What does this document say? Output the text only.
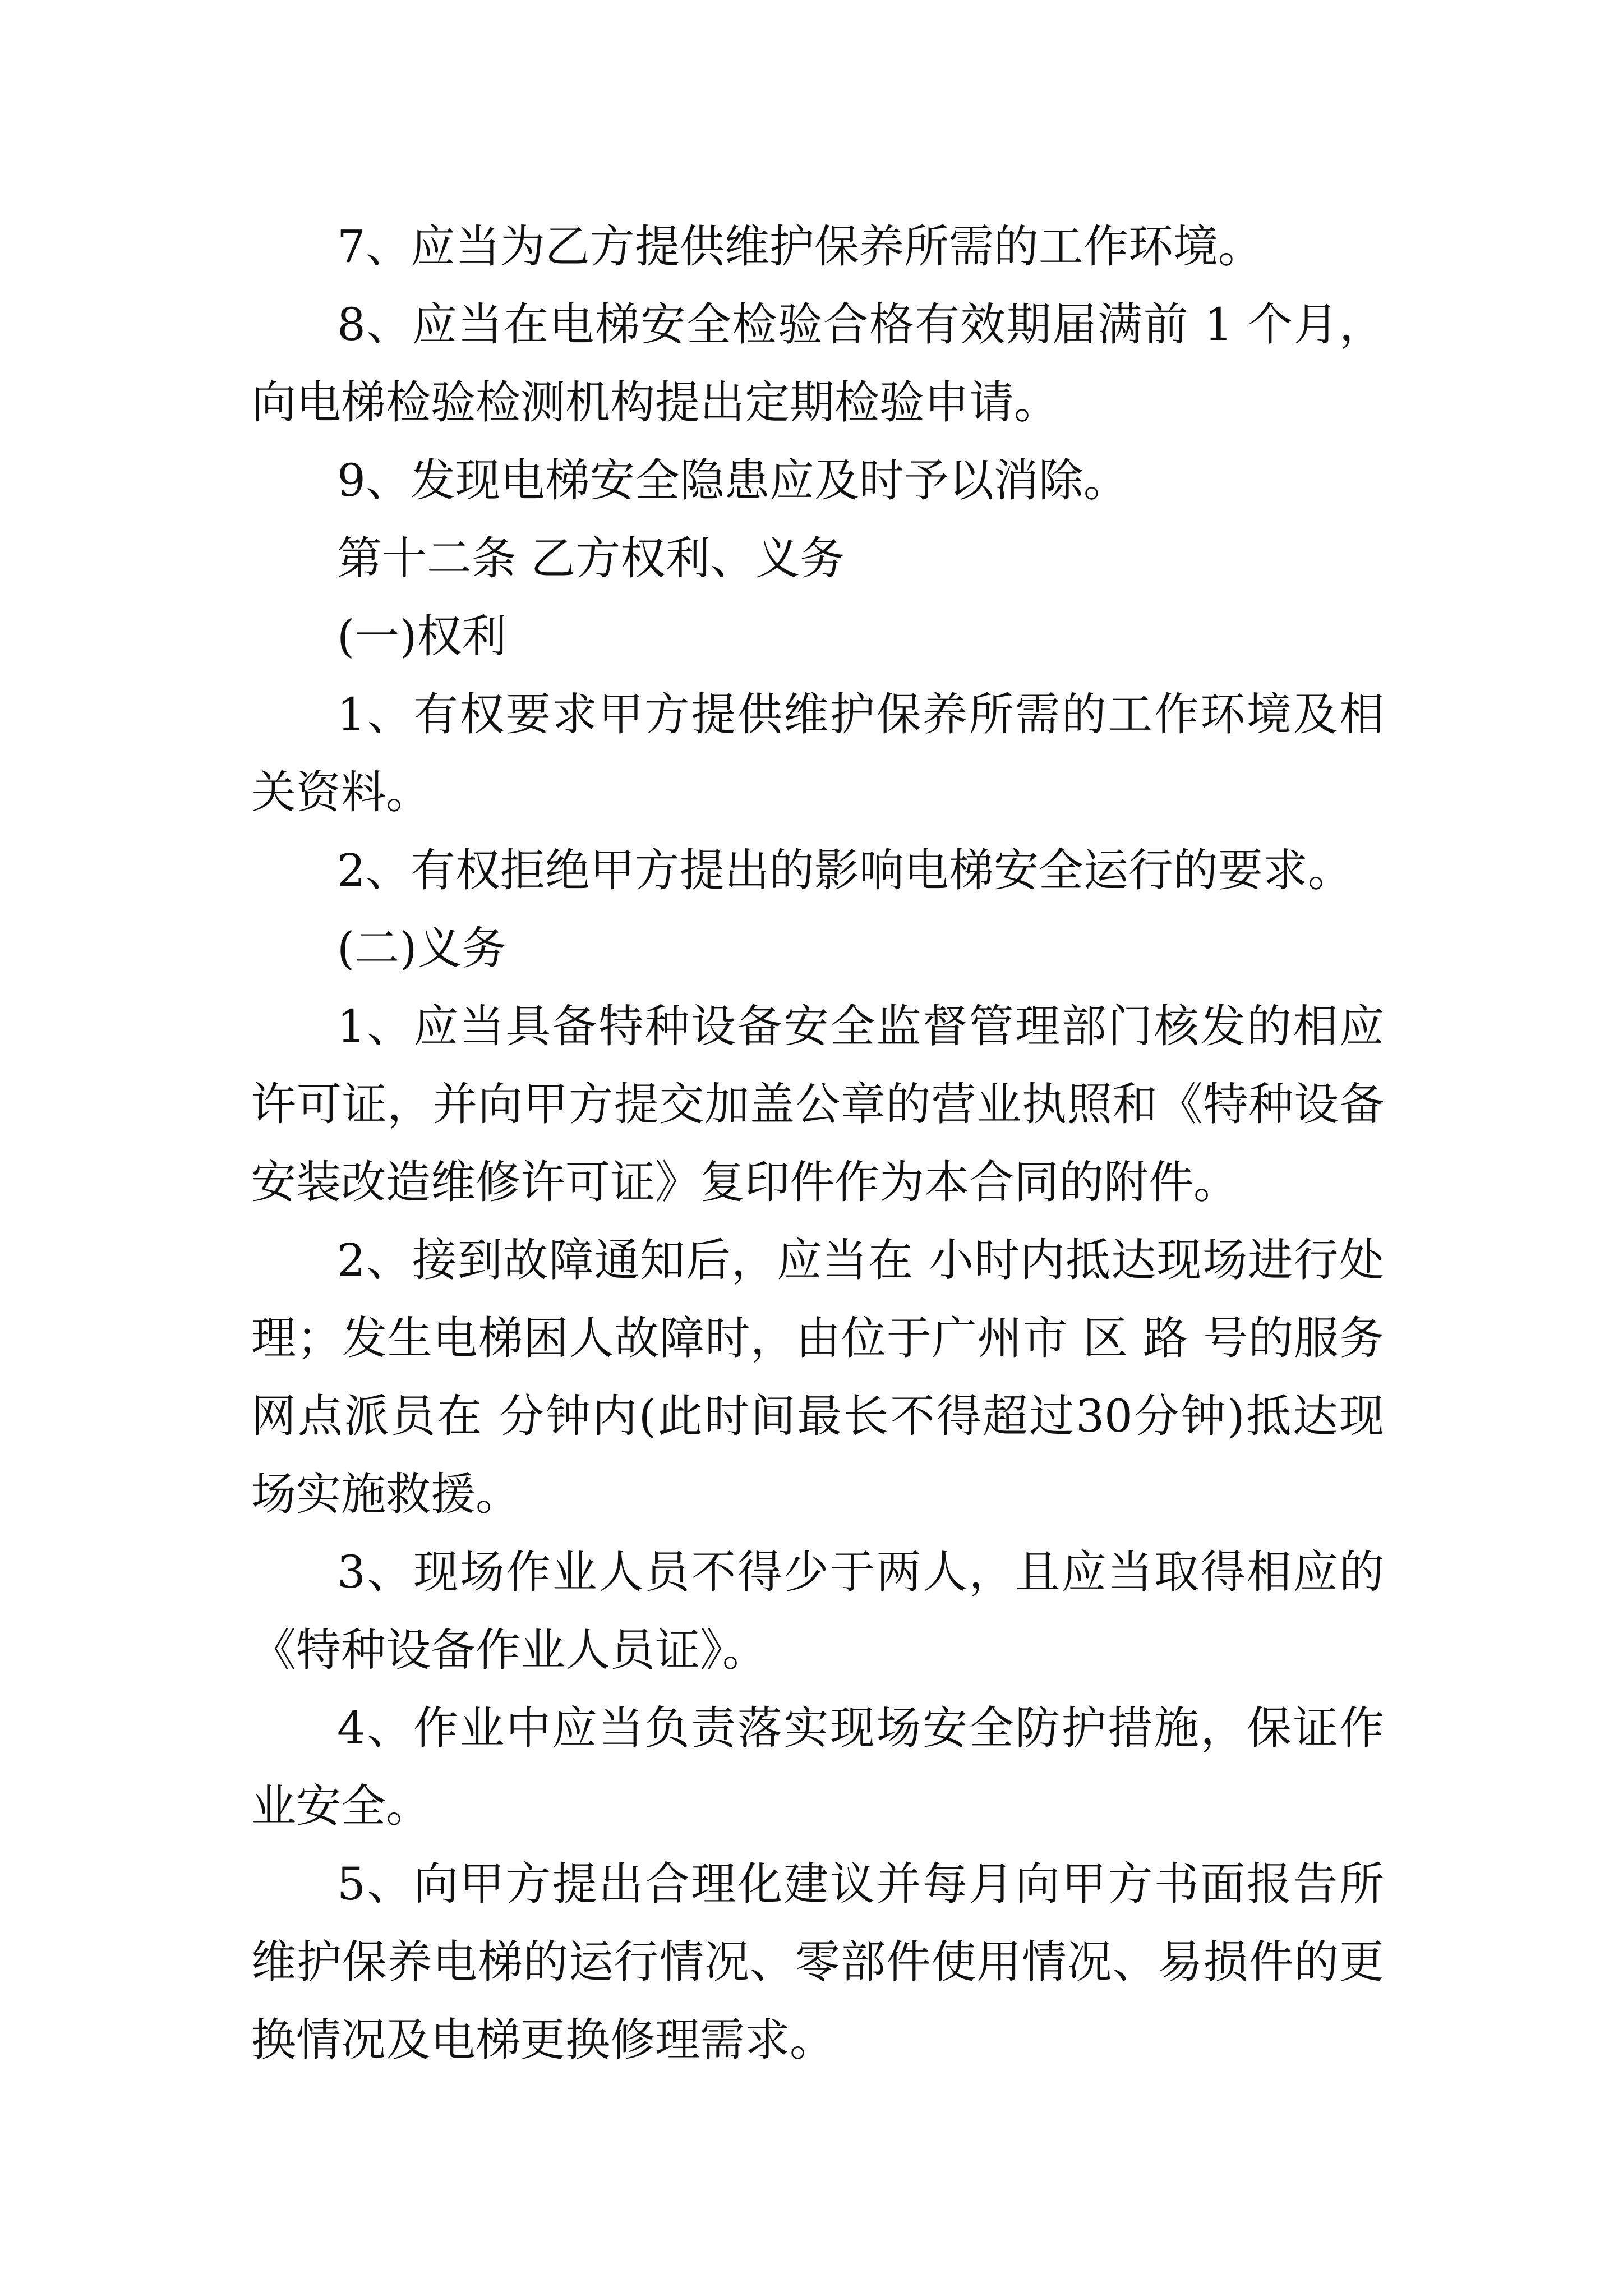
7、应当为乙方提供维护保养所需的工作环境。

8、应当在电梯安全检验合格有效期届满前 1 个月，向电梯检验检测机构提出定期检验申请。

9、发现电梯安全隐患应及时予以消除。

第十二条 乙方权利、义务

(一)权利

1、有权要求甲方提供维护保养所需的工作环境及相关资料。

2、有权拒绝甲方提出的影响电梯安全运行的要求。

(二)义务

1、应当具备特种设备安全监督管理部门核发的相应许可证，并向甲方提交加盖公章的营业执照和《特种设备安装改造维修许可证》复印件作为本合同的附件。

2、接到故障通知后，应当在 小时内抵达现场进行处理；发生电梯困人故障时，由位于广州市 区 路 号的服务网点派员在 分钟内(此时间最长不得超过30分钟)抵达现场实施救援。

3、现场作业人员不得少于两人，且应当取得相应的《特种设备作业人员证》。

4、作业中应当负责落实现场安全防护措施，保证作业安全。

5、向甲方提出合理化建议并每月向甲方书面报告所维护保养电梯的运行情况、零部件使用情况、易损件的更换情况及电梯更换修理需求。
